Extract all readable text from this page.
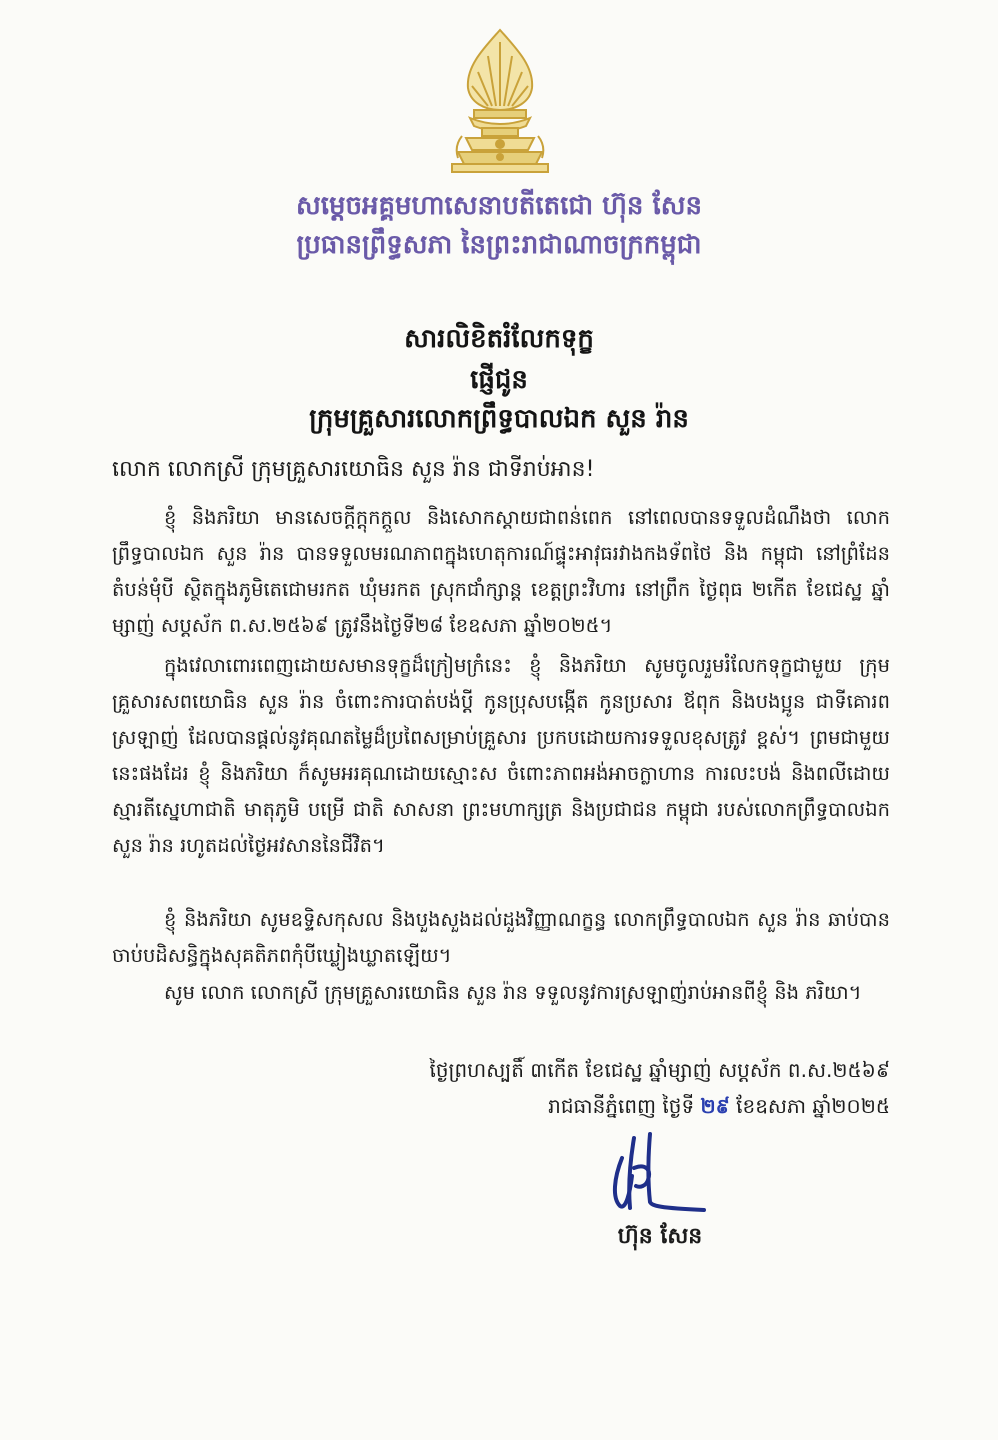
សម្តេចអគ្គមហាសេនាបតីតេជោ ហ៊ុន សែន
ប្រធានព្រឹទ្ធសភា នៃព្រះរាជាណាចក្រកម្ពុជា
សារលិខិតរំលែកទុក្ខ
ផ្ញើជូន
ក្រុមគ្រួសារលោកព្រឹទ្ធបាលឯក សួន រ៉ាន
លោក លោកស្រី ក្រុមគ្រួសារយោធិន សួន រ៉ាន ជាទីរាប់អាន!
ខ្ញុំ និងភរិយា មានសេចក្តីក្តុកក្តួល និងសោកស្តាយជាពន់ពេក នៅពេលបានទទួលដំណឹងថា លោកព្រឹទ្ធបាលឯក សួន រ៉ាន បានទទួលមរណភាពក្នុងហេតុការណ៍ផ្ទុះអាវុធរវាងកងទ័ពថៃ និង កម្ពុជា នៅព្រំដែនតំបន់មុំបី ស្ថិតក្នុងភូមិតេជោមរកត ឃុំមរកត ស្រុកជាំក្សាន្ត ខេត្តព្រះវិហារ នៅព្រឹក ថ្ងៃពុធ ២កើត ខែជេស្ឋ ឆ្នាំម្សាញ់ សប្តស័ក ព.ស.២៥៦៩ ត្រូវនឹងថ្ងៃទី២៨ ខែឧសភា ឆ្នាំ២០២៥។
ក្នុងវេលាពោរពេញដោយសមានទុក្ខដ៏ក្រៀមក្រំនេះ ខ្ញុំ និងភរិយា សូមចូលរួមរំលែកទុក្ខជាមួយ ក្រុមគ្រួសារសពយោធិន សួន រ៉ាន ចំពោះការបាត់បង់ប្តី កូនប្រុសបង្កើត កូនប្រសារ ឪពុក និងបងប្អូន ជាទីគោរពស្រឡាញ់ ដែលបានផ្តល់នូវគុណតម្លៃដ៏ប្រពៃសម្រាប់គ្រួសារ ប្រកបដោយការទទួលខុសត្រូវ ខ្ពស់។ ព្រមជាមួយនេះផងដែរ ខ្ញុំ និងភរិយា ក៏សូមអរគុណដោយស្មោះស ចំពោះភាពអង់អាចក្លាហាន ការលះបង់ និងពលីដោយស្មារតីស្នេហាជាតិ មាតុភូមិ បម្រើ ជាតិ សាសនា ព្រះមហាក្សត្រ និងប្រជាជន កម្ពុជា របស់លោកព្រឹទ្ធបាលឯក សួន រ៉ាន រហូតដល់ថ្ងៃអវសាននៃជីវិត។
ខ្ញុំ និងភរិយា សូមឧទ្ទិសកុសល និងបួងសួងដល់ដួងវិញ្ញាណក្ខន្ធ លោកព្រឹទ្ធបាលឯក សួន រ៉ាន ឆាប់បានចាប់បដិសន្ធិក្នុងសុគតិភពកុំបីឃ្លៀងឃ្លាតឡើយ។
សូម លោក លោកស្រី ក្រុមគ្រួសារយោធិន សួន រ៉ាន ទទួលនូវការស្រឡាញ់រាប់អានពីខ្ញុំ និង ភរិយា។
ថ្ងៃព្រហស្បតិ៍ ៣កើត ខែជេស្ឋ ឆ្នាំម្សាញ់ សប្តស័ក ព.ស.២៥៦៩
រាជធានីភ្នំពេញ ថ្ងៃទី ២៩ ខែឧសភា ឆ្នាំ២០២៥
ហ៊ុន សែន
